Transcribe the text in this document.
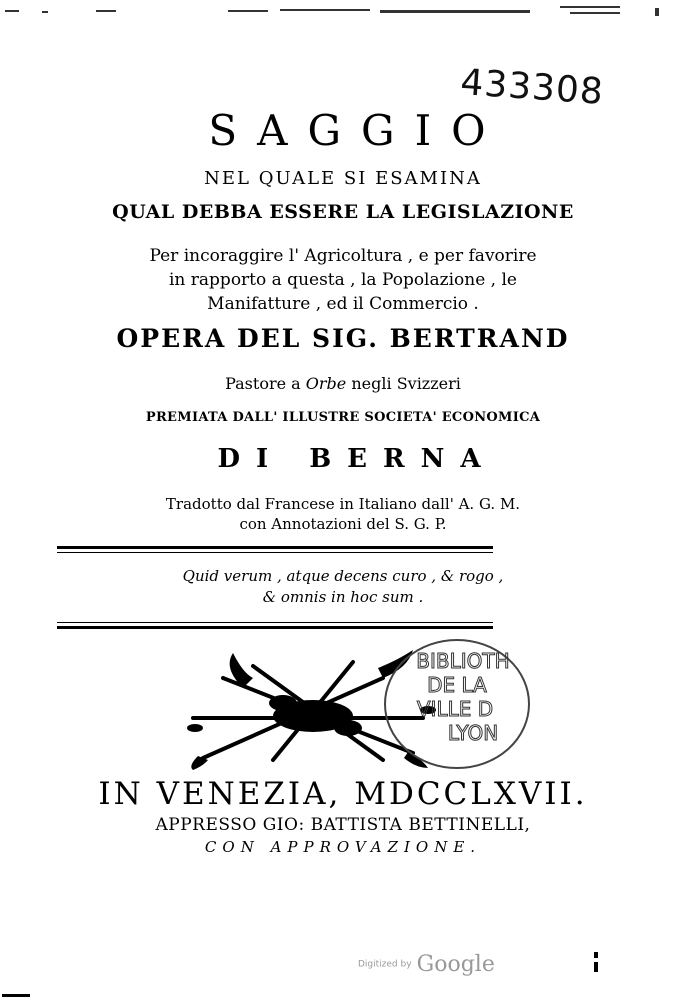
433308
SAGGIO
NEL QUALE SI ESAMINA
QUAL DEBBA ESSERE LA LEGISLAZIONE
Per incoraggire l' Agricoltura , e per favorire
in rapporto a questa , la Popolazione , le
Manifatture , ed il Commercio .
OPERA DEL SIG. BERTRAND
Pastore a Orbe negli Svizzeri
PREMIATA DALL' ILLUSTRE SOCIETA' ECONOMICA
DI BERNA
Tradotto dal Francese in Italiano dall' A. G. M.
con Annotazioni del S. G. P.
Quid verum , atque decens curo , & rogo ,
& omnis in hoc sum .
BIBLIOTH
DE LA
VILLE D
LYON
IN VENEZIA, MDCCLXVII.
APPRESSO GIO: BATTISTA BETTINELLI,
CON APPROVAZIONE.
Digitized by Google
